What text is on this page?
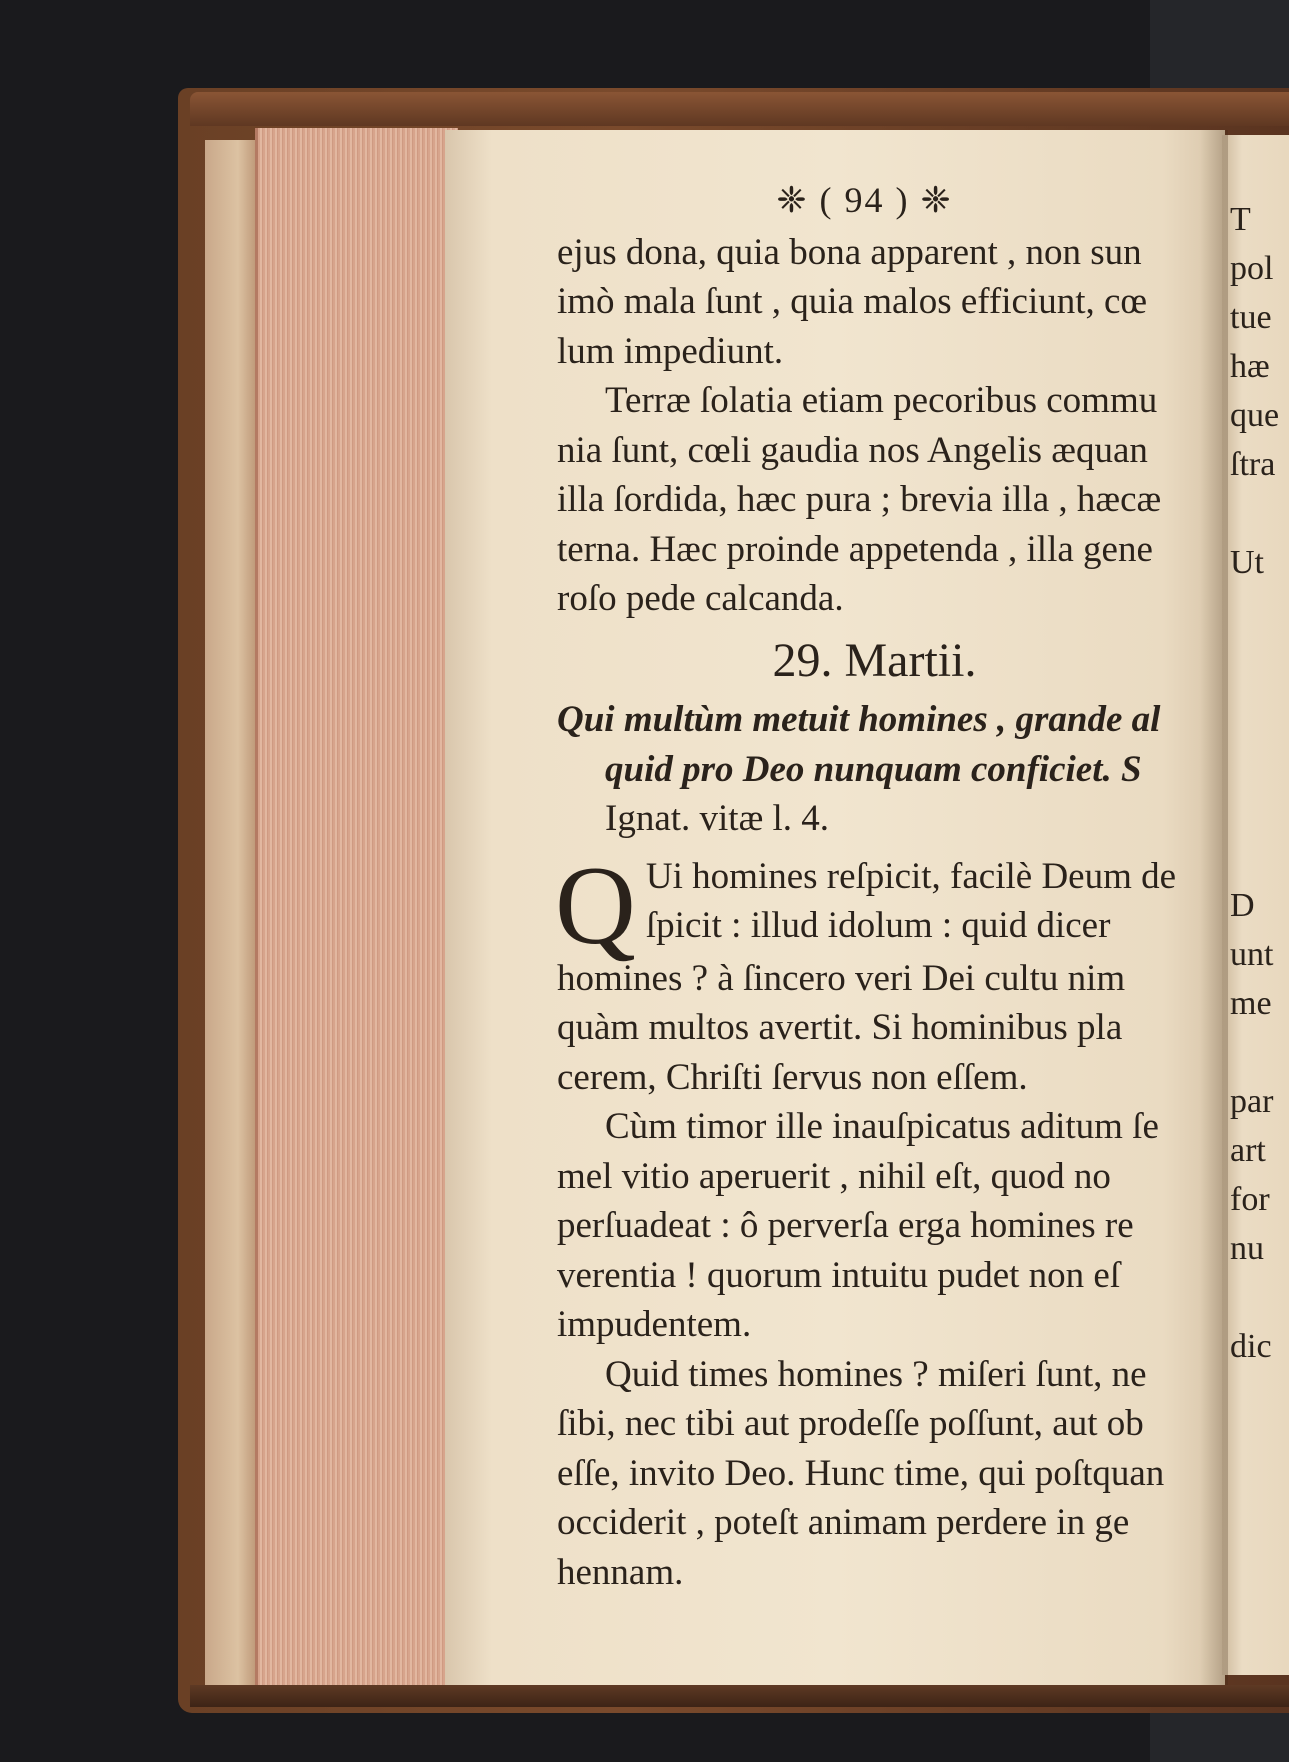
T
pol
tue
hæ
que
ſtra
Ut
D
unt
me
par
art
for
nu
dic
❈ ( 94 ) ❈

ejus dona, quia bona apparent , non sun

imò mala ſunt , quia malos efficiunt, cœ

lum impediunt.

Terræ ſolatia etiam pecoribus commu

nia ſunt, cœli gaudia nos Angelis æquan

illa ſordida, hæc pura ; brevia illa , hæcæ

terna. Hæc proinde appetenda , illa gene

roſo pede calcanda.

29. Martii.
Qui multùm metuit homines , grande al
quid pro Deo nunquam conficiet. S
Ignat. vitæ l. 4.
Q Ui homines reſpicit, facilè Deum de

ſpicit : illud idolum : quid dicer

homines ? à ſincero veri Dei cultu nim

quàm multos avertit. Si hominibus pla

cerem, Chriſti ſervus non eſſem.

Cùm timor ille inauſpicatus aditum ſe

mel vitio aperuerit , nihil eſt, quod no

perſuadeat : ô perverſa erga homines re

verentia ! quorum intuitu pudet non eſ

impudentem.

Quid times homines ? miſeri ſunt, ne

ſibi, nec tibi aut prodeſſe poſſunt, aut ob

eſſe, invito Deo. Hunc time, qui poſtquan

occiderit , poteſt animam perdere in ge

hennam.
